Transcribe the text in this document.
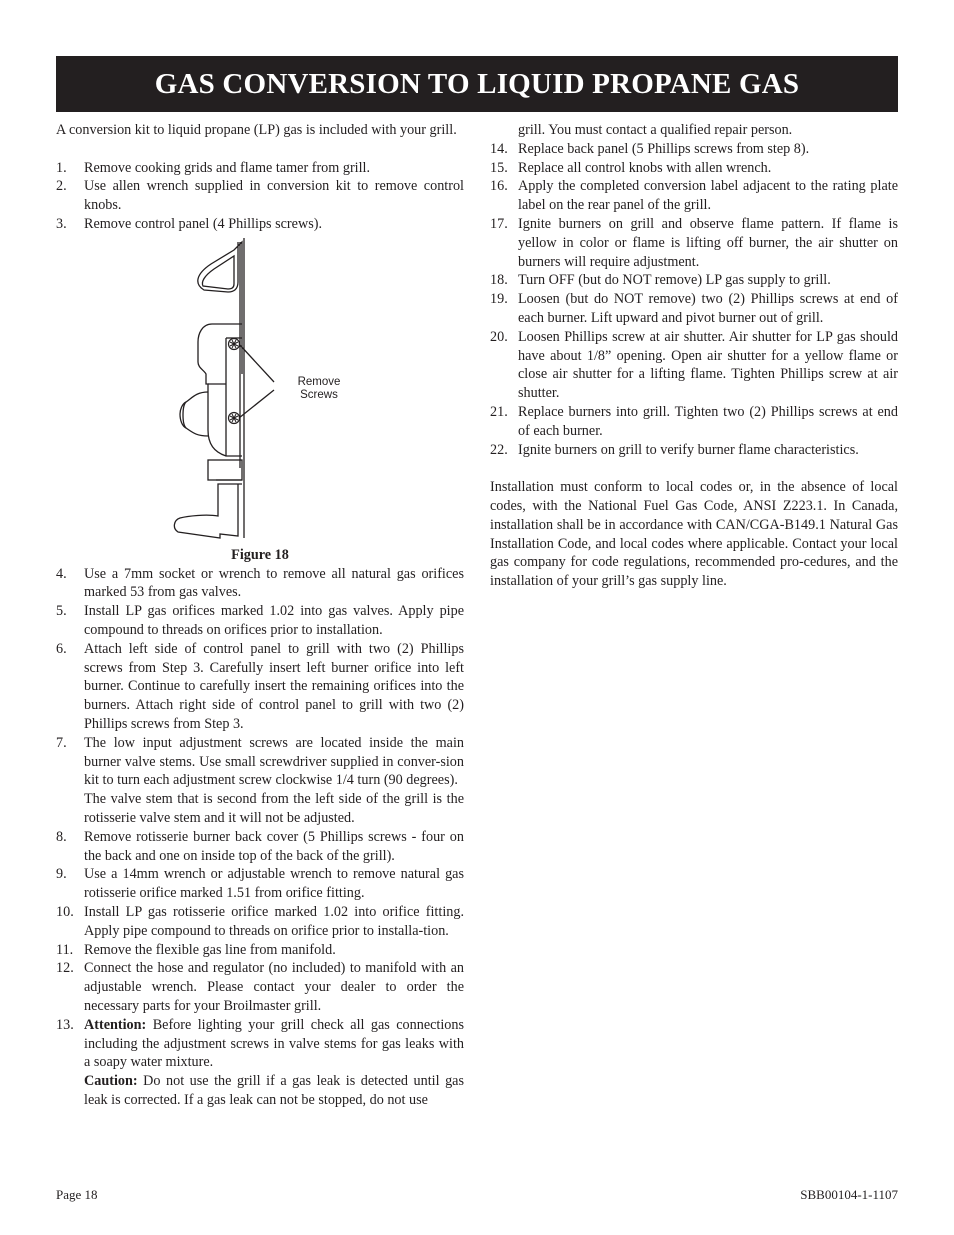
GAS CONVERSION TO LIQUID PROPANE GAS

A conversion kit to liquid propane (LP) gas is included with your grill.

1.	Remove cooking grids and flame tamer from grill.
2.	Use allen wrench supplied in conversion kit to remove control knobs.
3.	Remove control panel (4 Phillips screws).
Remove Screws
Figure 18
4.	Use a 7mm socket or wrench to remove all natural gas orifices marked 53 from gas valves.
5.	Install LP gas orifices marked 1.02 into gas valves. Apply pipe compound to threads on orifices prior to installation.
6.	Attach left side of control panel to grill with two (2) Phillips screws from Step 3. Carefully insert left burner orifice into left burner. Continue to carefully insert the remaining orifices into the burners. Attach right side of control panel to grill with two (2) Phillips screws from Step 3.
7.	The low input adjustment screws are located inside the main burner valve stems. Use small screwdriver supplied in conver-sion kit to turn each adjustment screw clockwise 1/4 turn (90 degrees).
The valve stem that is second from the left side of the grill is the rotisserie valve stem and it will not be adjusted.
8.	Remove rotisserie burner back cover (5 Phillips screws - four on the back and one on inside top of the back of the grill).
9.	Use a 14mm wrench or adjustable wrench to remove natural gas rotisserie orifice marked 1.51 from orifice fitting.
10. Install LP gas rotisserie orifice marked 1.02 into orifice fitting. Apply pipe compound to threads on orifice prior to installa-tion.
11. Remove the flexible gas line from manifold.
12. Connect the hose and regulator (no included) to manifold with an adjustable wrench. Please contact your dealer to order the necessary parts for your Broilmaster grill.
13. Attention: Before lighting your grill check all gas connections including the adjustment screws in valve stems for gas leaks with a soapy water mixture.
Caution: Do not use the grill if a gas leak is detected until gas leak is corrected. If a gas leak can not be stopped, do not use
grill. You must contact a qualified repair person.
14. Replace back panel (5 Phillips screws from step 8).
15. Replace all control knobs with allen wrench.
16. Apply the completed conversion label adjacent to the rating plate label on the rear panel of the grill.
17. Ignite burners on grill and observe flame pattern. If flame is yellow in color or flame is lifting off burner, the air shutter on burners will require adjustment.
18. Turn OFF (but do NOT remove) LP gas supply to grill.
19. Loosen (but do NOT remove) two (2) Phillips screws at end of each burner. Lift upward and pivot burner out of grill.
20. Loosen Phillips screw at air shutter. Air shutter for LP gas should have about 1/8” opening. Open air shutter for a yellow flame or close air shutter for a lifting flame. Tighten Phillips screw at air shutter.
21. Replace burners into grill. Tighten two (2) Phillips screws at end of each burner.
22. Ignite burners on grill to verify burner flame characteristics.

Installation must conform to local codes or, in the absence of local codes, with the National Fuel Gas Code, ANSI Z223.1. In Canada, installation shall be in accordance with CAN/CGA-B149.1 Natural Gas Installation Code, and local codes where applicable. Contact your local gas company for code regulations, recommended pro-cedures, and the installation of your grill’s gas supply line.

Page 18	SBB00104-1-1107
